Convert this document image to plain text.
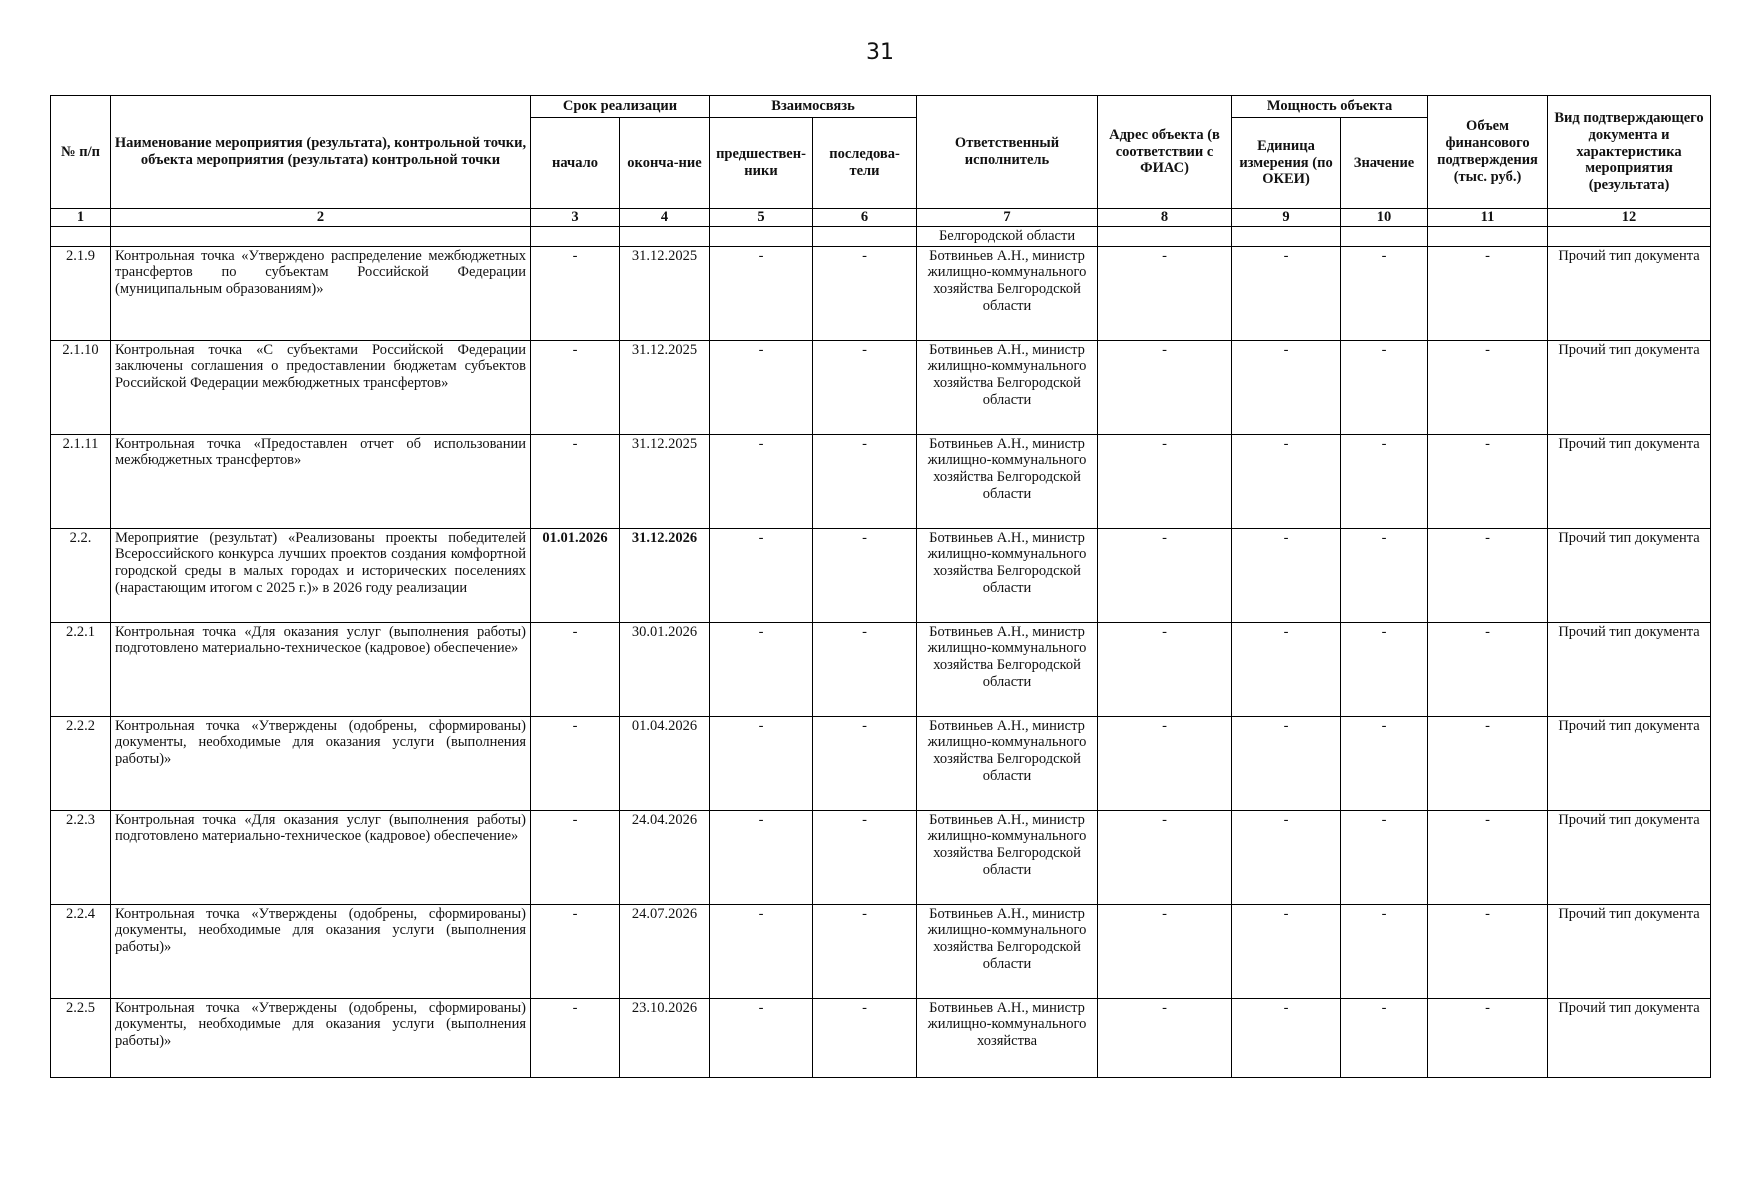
31
№ п/п	Наименование мероприятия (результата), контрольной точки, объекта мероприятия (результата) контрольной точки	Срок реализации		Взаимосвязь		Ответственный исполнитель	Адрес объекта (в соответствии с ФИАС)	Мощность объекта		Объем финансового подтверждения (тыс. руб.)	Вид подтверждающего документа и характеристика мероприятия (результата)
		начало	оконча-ние	предшествен-ники	последова-тели			Единица измерения (по ОКЕИ)	Значение		
1	2	3	4	5	6	7	8	9	10	11	12
						Белгородской области					
2.1.9	Контрольная точка «Утверждено распределение межбюджетных трансфертов по субъектам Российской Федерации (муниципальным образованиям)»	-	31.12.2025	-	-	Ботвиньев А.Н., министр жилищно-коммунального хозяйства Белгородской области	-	-	-	-	Прочий тип документа
2.1.10	Контрольная точка «С субъектами Российской Федерации заключены соглашения о предоставлении бюджетам субъектов Российской Федерации межбюджетных трансфертов»	-	31.12.2025	-	-	Ботвиньев А.Н., министр жилищно-коммунального хозяйства Белгородской области	-	-	-	-	Прочий тип документа
2.1.11	Контрольная точка «Предоставлен отчет об использовании межбюджетных трансфертов»	-	31.12.2025	-	-	Ботвиньев А.Н., министр жилищно-коммунального хозяйства Белгородской области	-	-	-	-	Прочий тип документа
2.2.	Мероприятие (результат) «Реализованы проекты победителей Всероссийского конкурса лучших проектов создания комфортной городской среды в малых городах и исторических поселениях (нарастающим итогом с 2025 г.)» в 2026 году реализации	01.01.2026	31.12.2026	-	-	Ботвиньев А.Н., министр жилищно-коммунального хозяйства Белгородской области	-	-	-	-	Прочий тип документа
2.2.1	Контрольная точка «Для оказания услуг (выполнения работы) подготовлено материально-техническое (кадровое) обеспечение»	-	30.01.2026	-	-	Ботвиньев А.Н., министр жилищно-коммунального хозяйства Белгородской области	-	-	-	-	Прочий тип документа
2.2.2	Контрольная точка «Утверждены (одобрены, сформированы) документы, необходимые для оказания услуги (выполнения работы)»	-	01.04.2026	-	-	Ботвиньев А.Н., министр жилищно-коммунального хозяйства Белгородской области	-	-	-	-	Прочий тип документа
2.2.3	Контрольная точка «Для оказания услуг (выполнения работы) подготовлено материально-техническое (кадровое) обеспечение»	-	24.04.2026	-	-	Ботвиньев А.Н., министр жилищно-коммунального хозяйства Белгородской области	-	-	-	-	Прочий тип документа
2.2.4	Контрольная точка «Утверждены (одобрены, сформированы) документы, необходимые для оказания услуги (выполнения работы)»	-	24.07.2026	-	-	Ботвиньев А.Н., министр жилищно-коммунального хозяйства Белгородской области	-	-	-	-	Прочий тип документа
2.2.5	Контрольная точка «Утверждены (одобрены, сформированы) документы, необходимые для оказания услуги (выполнения работы)»	-	23.10.2026	-	-	Ботвиньев А.Н., министр жилищно-коммунального хозяйства	-	-	-	-	Прочий тип документа
